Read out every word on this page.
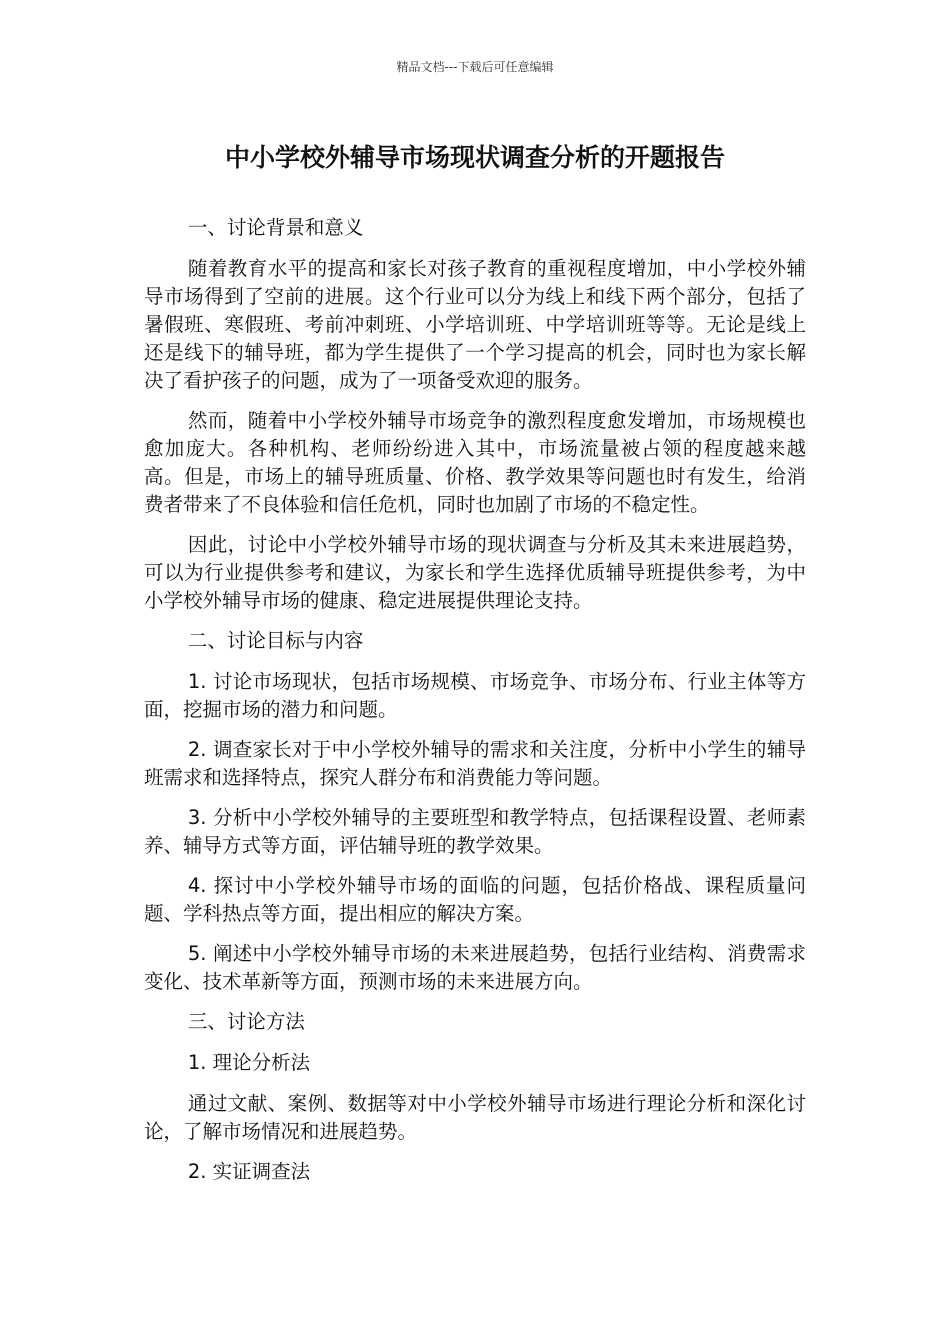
精品文档---下载后可任意编辑
中小学校外辅导市场现状调查分析的开题报告

一、讨论背景和意义

随着教育水平的提高和家长对孩子教育的重视程度增加，中小学校外辅导市场得到了空前的进展。这个行业可以分为线上和线下两个部分，包括了暑假班、寒假班、考前冲刺班、小学培训班、中学培训班等等。无论是线上还是线下的辅导班，都为学生提供了一个学习提高的机会，同时也为家长解决了看护孩子的问题，成为了一项备受欢迎的服务。

然而，随着中小学校外辅导市场竞争的激烈程度愈发增加，市场规模也愈加庞大。各种机构、老师纷纷进入其中，市场流量被占领的程度越来越高。但是，市场上的辅导班质量、价格、教学效果等问题也时有发生，给消费者带来了不良体验和信任危机，同时也加剧了市场的不稳定性。

因此，讨论中小学校外辅导市场的现状调查与分析及其未来进展趋势，可以为行业提供参考和建议，为家长和学生选择优质辅导班提供参考，为中小学校外辅导市场的健康、稳定进展提供理论支持。

二、讨论目标与内容

1. 讨论市场现状，包括市场规模、市场竞争、市场分布、行业主体等方面，挖掘市场的潜力和问题。

2. 调查家长对于中小学校外辅导的需求和关注度，分析中小学生的辅导班需求和选择特点，探究人群分布和消费能力等问题。

3. 分析中小学校外辅导的主要班型和教学特点，包括课程设置、老师素养、辅导方式等方面，评估辅导班的教学效果。

4. 探讨中小学校外辅导市场的面临的问题，包括价格战、课程质量问题、学科热点等方面，提出相应的解决方案。

5. 阐述中小学校外辅导市场的未来进展趋势，包括行业结构、消费需求变化、技术革新等方面，预测市场的未来进展方向。

三、讨论方法

1. 理论分析法

通过文献、案例、数据等对中小学校外辅导市场进行理论分析和深化讨论，了解市场情况和进展趋势。

2. 实证调查法
